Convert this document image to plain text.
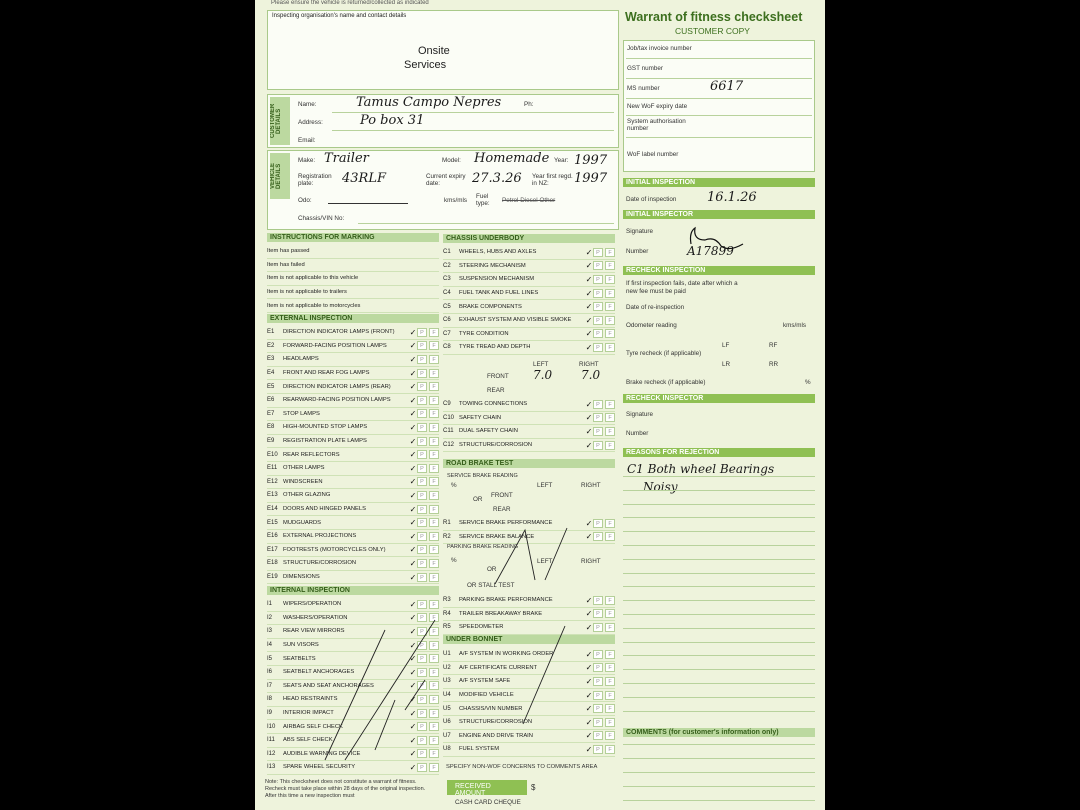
Please ensure the vehicle is returned/collected as indicated
Inspecting organisation's name and contact details
Onsite
Services
Warrant of fitness checksheet
CUSTOMER COPY
Job/tax invoice number
GST number
MS number	6617
New WoF expiry date
System authorisation number
WoF label number
CUSTOMER DETAILS
Name:	Tamus Campo Nepres	Ph:
Address:	Po box 31
Email:
VEHICLE DETAILS
Make: Trailer	Model: Homemade Year: 1997
Registration plate:	43RLF	Current expiry date:	27.3.26 Year first regd. in NZ:	1997
Odo:	kms/mls
Fuel type:	Petrol Diesel Other
Chassis/VIN No:
INITIAL INSPECTION
Date of inspection 16.1.26
INITIAL INSPECTOR
Signature
Number	A17899
RECHECK INSPECTION
If first inspection fails, date after which a new fee must be paid
Date of re-inspection
Odometer reading	kms/mls
Tyre recheck (if applicable)
LF	RF
LR	RR
Brake recheck (if applicable)	%
RECHECK INSPECTOR
Signature
Number
REASONS FOR REJECTION
C1 Both wheel Bearings
Noisy
COMMENTS (for customer's information only)
INSTRUCTIONS FOR MARKING
Item has passed
Item has failed
Item is not applicable to this vehicle
Item is not applicable to trailers
Item is not applicable to motorcycles
EXTERNAL INSPECTION
E1	DIRECTION INDICATOR LAMPS (FRONT)	✓ P	F
E2	FORWARD-FACING POSITION LAMPS	✓ P	F
E3	HEADLAMPS	✓ P	F
E4	FRONT AND REAR FOG LAMPS	✓ P	F
E5	DIRECTION INDICATOR LAMPS (REAR)	✓ P	F
E6	REARWARD-FACING POSITION LAMPS	✓ P	F
E7	STOP LAMPS	✓ P	F
E8	HIGH-MOUNTED STOP LAMPS	✓ P	F
E9	REGISTRATION PLATE LAMPS	✓ P	F
E10 REAR REFLECTORS	✓ P	F
E11 OTHER LAMPS	✓ P	F
E12 WINDSCREEN	✓ P	F
E13 OTHER GLAZING	✓ P	F
E14 DOORS AND HINGED PANELS	✓ P	F
E15 MUDGUARDS	✓ P	F
E16 EXTERNAL PROJECTIONS	✓ P	F
E17 FOOTRESTS (MOTORCYCLES ONLY)	✓ P	F
E18 STRUCTURE/CORROSION	✓ P	F
E19 DIMENSIONS	✓ P	F
INTERNAL INSPECTION
I1	WIPERS/OPERATION	✓ P	F
I2	WASHERS/OPERATION	✓ P	F
I3	REAR VIEW MIRRORS	✓ P	F
I4	SUN VISORS	✓ P	F
I5	SEATBELTS	✓ P	F
I6	SEATBELT ANCHORAGES	✓ P	F
I7	SEATS AND SEAT ANCHORAGES	✓ P	F
I8	HEAD RESTRAINTS	✓ P	F
I9	INTERIOR IMPACT	✓ P	F
I10	AIRBAG SELF CHECK	✓ P	F
I11	ABS SELF CHECK	✓ P	F
I12	AUDIBLE WARNING DEVICE	✓ P	F
I13	SPARE WHEEL SECURITY	✓ P	F
CHASSIS UNDERBODY
C1	WHEELS, HUBS AND AXLES	✓ P	F
C2	STEERING MECHANISM	✓ P	F
C3	SUSPENSION MECHANISM	✓ P	F
C4	FUEL TANK AND FUEL LINES	✓ P	F
C5	BRAKE COMPONENTS	✓ P	F
C6	EXHAUST SYSTEM AND VISIBLE SMOKE	✓ P	F
C7	TYRE CONDITION	✓ P	F
C8	TYRE TREAD AND DEPTH	✓ P	F
LEFT	RIGHT
FRONT
REAR
7.0 7.0
C9	TOWING CONNECTIONS	✓ P	F
C10 SAFETY CHAIN	✓ P	F
C11 DUAL SAFETY CHAIN	✓ P	F
C12 STRUCTURE/CORROSION	✓ P	F
ROAD BRAKE TEST
SERVICE BRAKE READING
%	LEFT	RIGHT
OR
FRONT
REAR
R1	SERVICE BRAKE PERFORMANCE	✓ P	F
R2	SERVICE BRAKE BALANCE	✓ P	F
PARKING BRAKE READING
%	LEFT	RIGHT
OR
OR STALL TEST
R3	PARKING BRAKE PERFORMANCE	✓ P	F
R4	TRAILER BREAKAWAY BRAKE	✓ P	F
R5	SPEEDOMETER	✓ P	F
UNDER BONNET
U1	A/F SYSTEM IN WORKING ORDER	✓ P	F
U2	A/F CERTIFICATE CURRENT	✓ P	F
U3	A/F SYSTEM SAFE	✓ P	F
U4	MODIFIED VEHICLE	✓ P	F
U5	CHASSIS/VIN NUMBER	✓ P	F
U6	STRUCTURE/CORROSION	✓ P	F
U7	ENGINE AND DRIVE TRAIN	✓ P	F
U8	FUEL SYSTEM	✓ P	F
SPECIFY NON-WOF CONCERNS TO COMMENTS AREA
RECEIVED AMOUNT
$
CASH CARD CHEQUE
Note: This checksheet does not constitute a warrant of fitness. Recheck must take place within 28 days of the original inspection. After this time a new inspection must
